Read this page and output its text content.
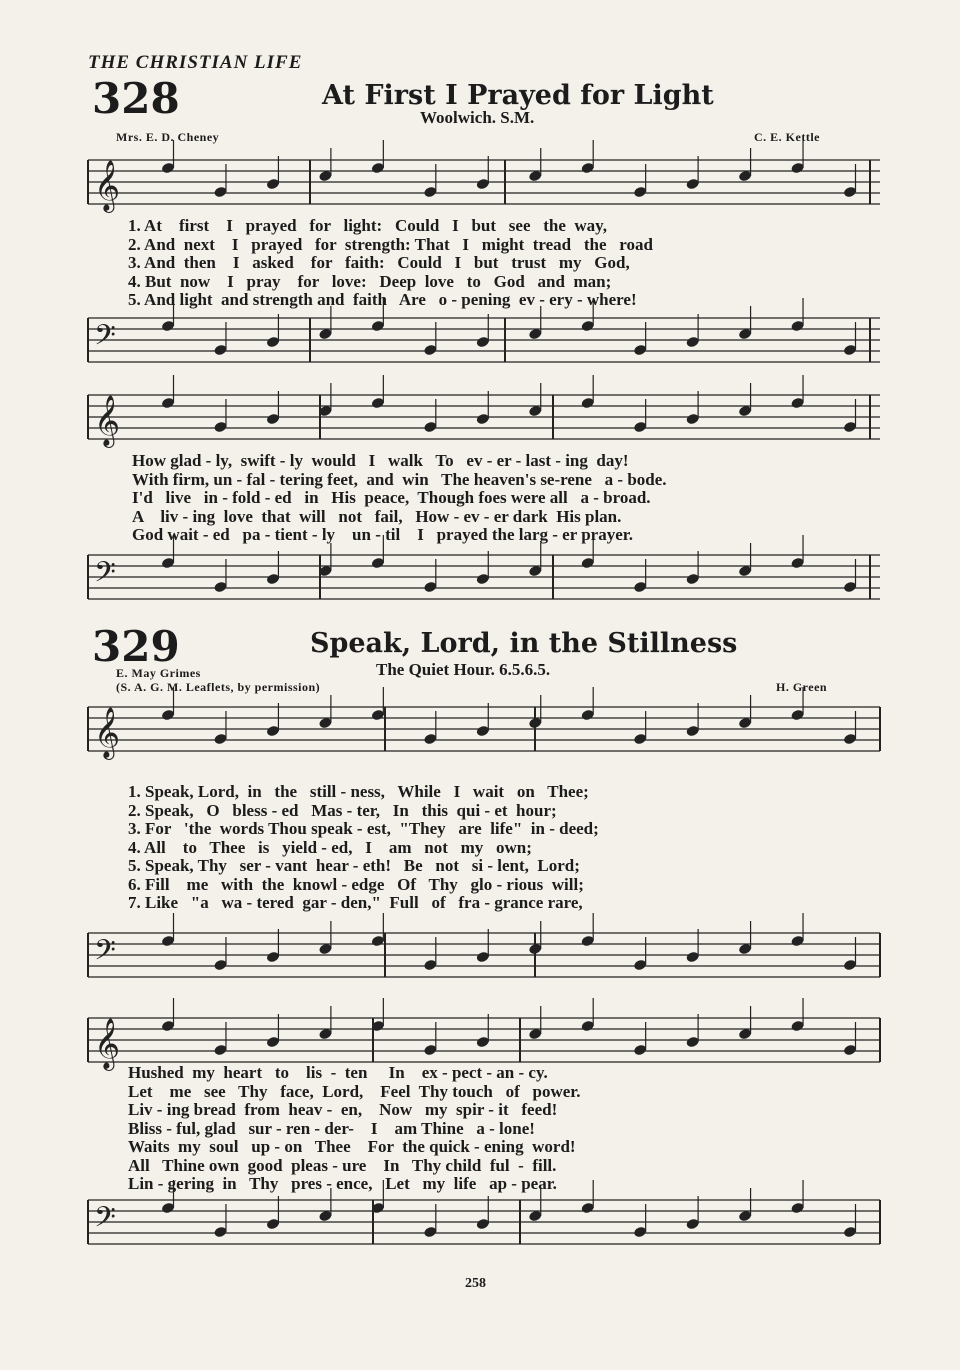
THE CHRISTIAN LIFE
328	At First I Prayed for Light
Woolwich. S.M.
Mrs. E. D. Cheney	C. E. Kettle
329	Speak, Lord, in the Stillness
The Quiet Hour. 6.5.6.5.
E. May Grimes
(S. A. G. M. Leaflets, by permission)	H. Green
𝄞
𝄢
𝄞
𝄢
𝄞
𝄢
𝄞
𝄢
1. At    first    I   prayed   for   light:   Could   I   but   see   the  way,
2. And  next    I   prayed   for  strength: That   I   might  tread   the   road
3. And  then    I   asked    for   faith:   Could   I   but   trust   my   God,
4. But  now    I   pray    for   love:   Deep  love   to   God   and  man;
5. And light  and strength and  faith   Are   o - pening  ev - ery - where!
How glad - ly,  swift - ly  would   I   walk   To   ev - er - last - ing  day!
With firm, un - fal - tering feet,  and  win   The heaven's se-rene   a - bode.
I'd   live   in - fold - ed   in   His  peace,  Though foes were all   a - broad.
A    liv - ing  love  that  will   not   fail,   How - ev - er dark  His plan.
God wait - ed   pa - tient - ly    un - til    I   prayed the larg - er prayer.
1. Speak, Lord,  in   the   still - ness,   While   I   wait   on   Thee;
2. Speak,   O   bless - ed   Mas - ter,   In   this  qui - et  hour;
3. For   'the  words Thou speak - est,  "They   are  life"  in - deed;
4. All    to   Thee   is   yield - ed,   I    am   not   my   own;
5. Speak, Thy   ser - vant  hear - eth!   Be   not   si - lent,  Lord;
6. Fill    me   with  the  knowl - edge   Of   Thy   glo - rious  will;
7. Like   "a   wa - tered  gar - den,"  Full   of   fra - grance rare,
Hushed  my  heart   to    lis  -  ten     In    ex - pect - an - cy.
Let    me   see   Thy   face,  Lord,    Feel  Thy touch   of   power.
Liv - ing bread  from  heav -  en,    Now   my  spir - it   feed!
Bliss - ful, glad   sur - ren - der-    I    am Thine   a - lone!
Waits  my  soul   up - on   Thee    For  the quick - ening  word!
All   Thine own  good  pleas - ure    In   Thy child  ful  -  fill.
Lin - gering  in   Thy   pres - ence,   Let   my  life   ap - pear.
258
